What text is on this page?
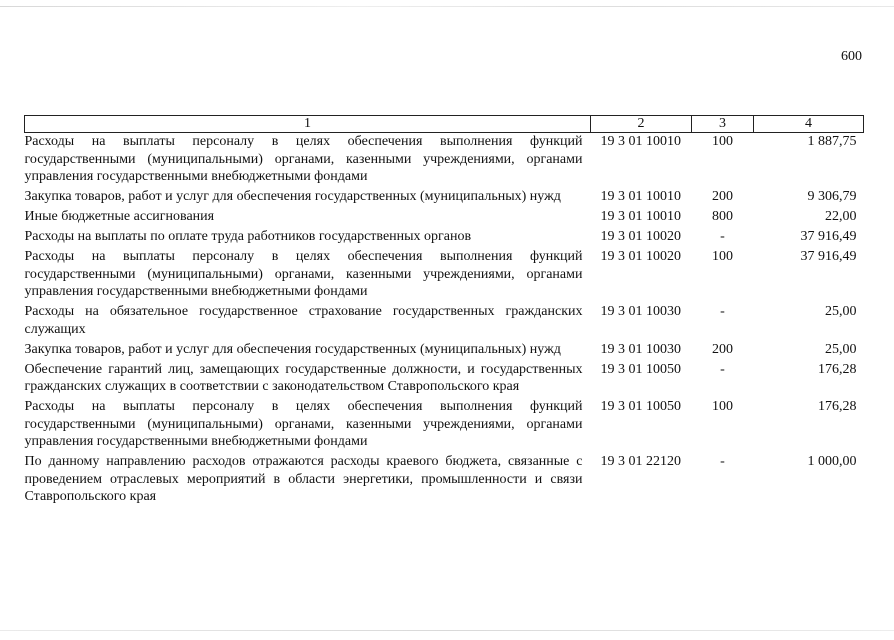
600
1	2	3	4
Расходы на выплаты персоналу в целях обеспечения выполнения функций государственными (муниципальными) органами, казенными учреждениями, органами управления государственными внебюджетными фондами	19 3 01 10010	100	1 887,75
Закупка товаров, работ и услуг для обеспечения государственных (муниципальных) нужд	19 3 01 10010	200	9 306,79
Иные бюджетные ассигнования	19 3 01 10010	800	22,00
Расходы на выплаты по оплате труда работников государственных органов	19 3 01 10020	-	37 916,49
Расходы на выплаты персоналу в целях обеспечения выполнения функций государственными (муниципальными) органами, казенными учреждениями, органами управления государственными внебюджетными фондами	19 3 01 10020	100	37 916,49
Расходы на обязательное государственное страхование государственных гражданских служащих	19 3 01 10030	-	25,00
Закупка товаров, работ и услуг для обеспечения государственных (муниципальных) нужд	19 3 01 10030	200	25,00
Обеспечение гарантий лиц, замещающих государственные должности, и государственных гражданских служащих в соответствии с законодательством Ставропольского края	19 3 01 10050	-	176,28
Расходы на выплаты персоналу в целях обеспечения выполнения функций государственными (муниципальными) органами, казенными учреждениями, органами управления государственными внебюджетными фондами	19 3 01 10050	100	176,28
По данному направлению расходов отражаются расходы краевого бюджета, связанные с проведением отраслевых мероприятий в области энергетики, промышленности и связи Ставропольского края	19 3 01 22120	-	1 000,00
